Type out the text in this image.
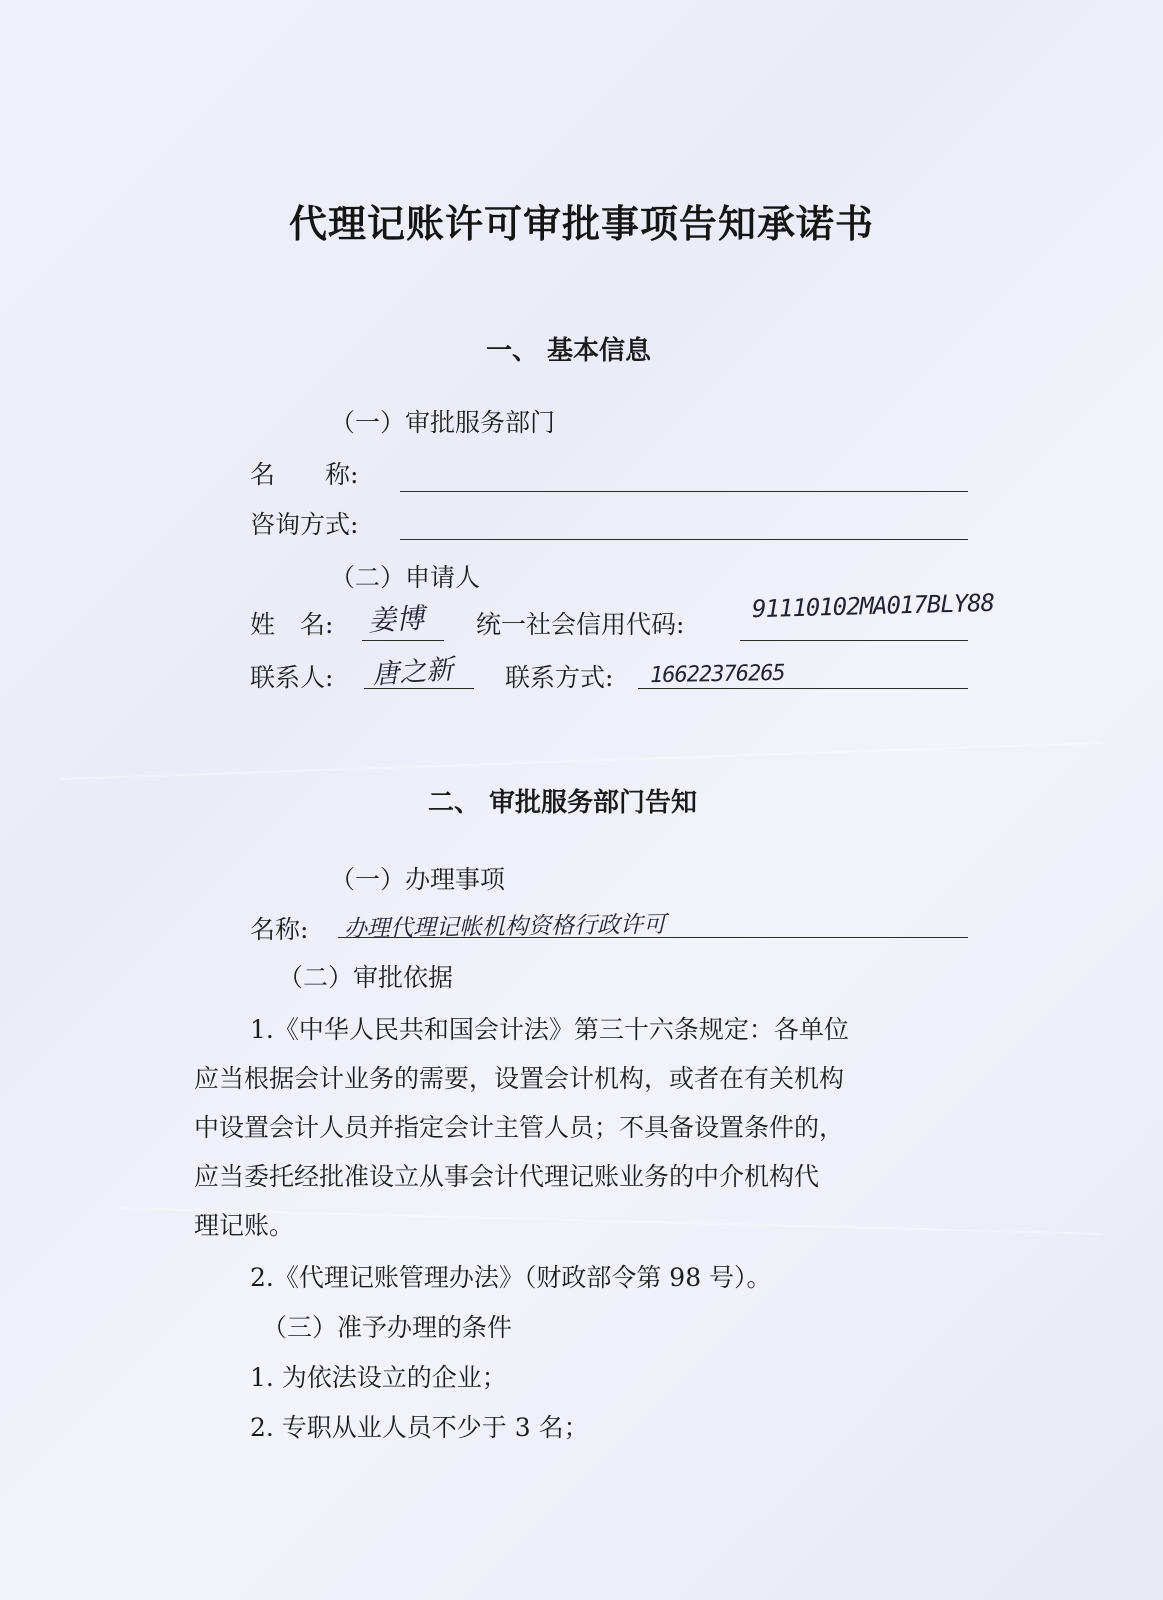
代理记账许可审批事项告知承诺书
一、 基本信息
（一）审批服务部门
名　　称:
咨询方式:
（二）申请人
姓　名: 姜博 统一社会信用代码:
91110102MA017BLY88
联系人: 唐之新 联系方式: 16622376265
二、 审批服务部门告知
（一）办理事项
名称: 办理代理记帐机构资格行政许可
（二）审批依据
1.《中华人民共和国会计法》第三十六条规定：各单位
应当根据会计业务的需要，设置会计机构，或者在有关机构
中设置会计人员并指定会计主管人员；不具备设置条件的，
应当委托经批准设立从事会计代理记账业务的中介机构代
理记账。
2.《代理记账管理办法》（财政部令第 98 号）。
（三）准予办理的条件
1. 为依法设立的企业；
2. 专职从业人员不少于 3 名；
